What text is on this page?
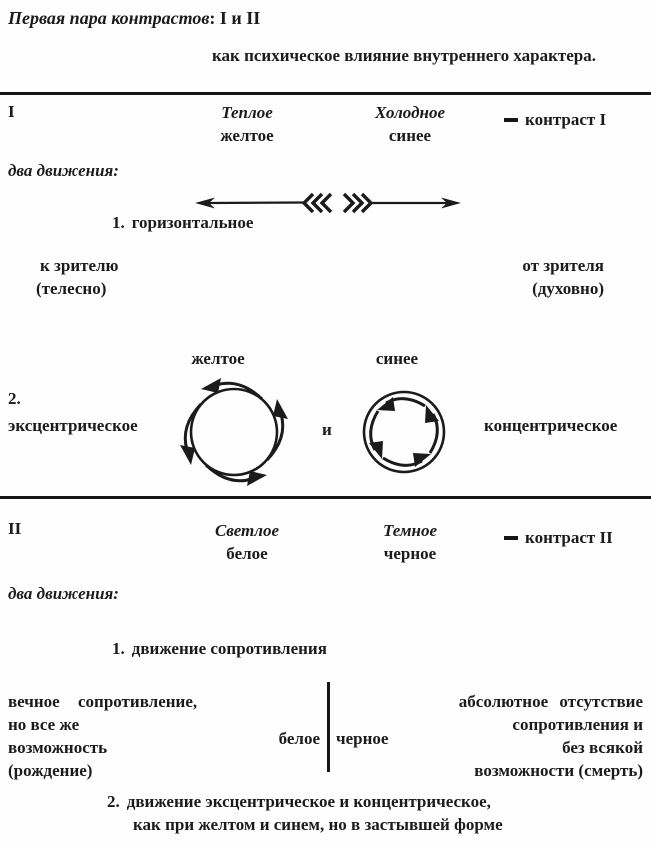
Первая пара контрастов: I и II
как психическое влияние внутреннего характера.
I	Теплое
желтое
Холодное
синее
контраст I
два движения:
1. горизонтальное
к зрителю
(телесно)
от зрителя
(духовно)
желтое	синее
2.
эксцентрическое	и	концентрическое
II	Светлое
белое
Темное
черное
контраст II
два движения:
1. движение сопротивления
вечное сопротивление,
но все же
возможность
(рождение)
белое черное
абсолютное отсутствие
сопротивления и
без всякой
возможности (смерть)
2. движение эксцентрическое и концентрическое,
как при желтом и синем, но в застывшей форме
